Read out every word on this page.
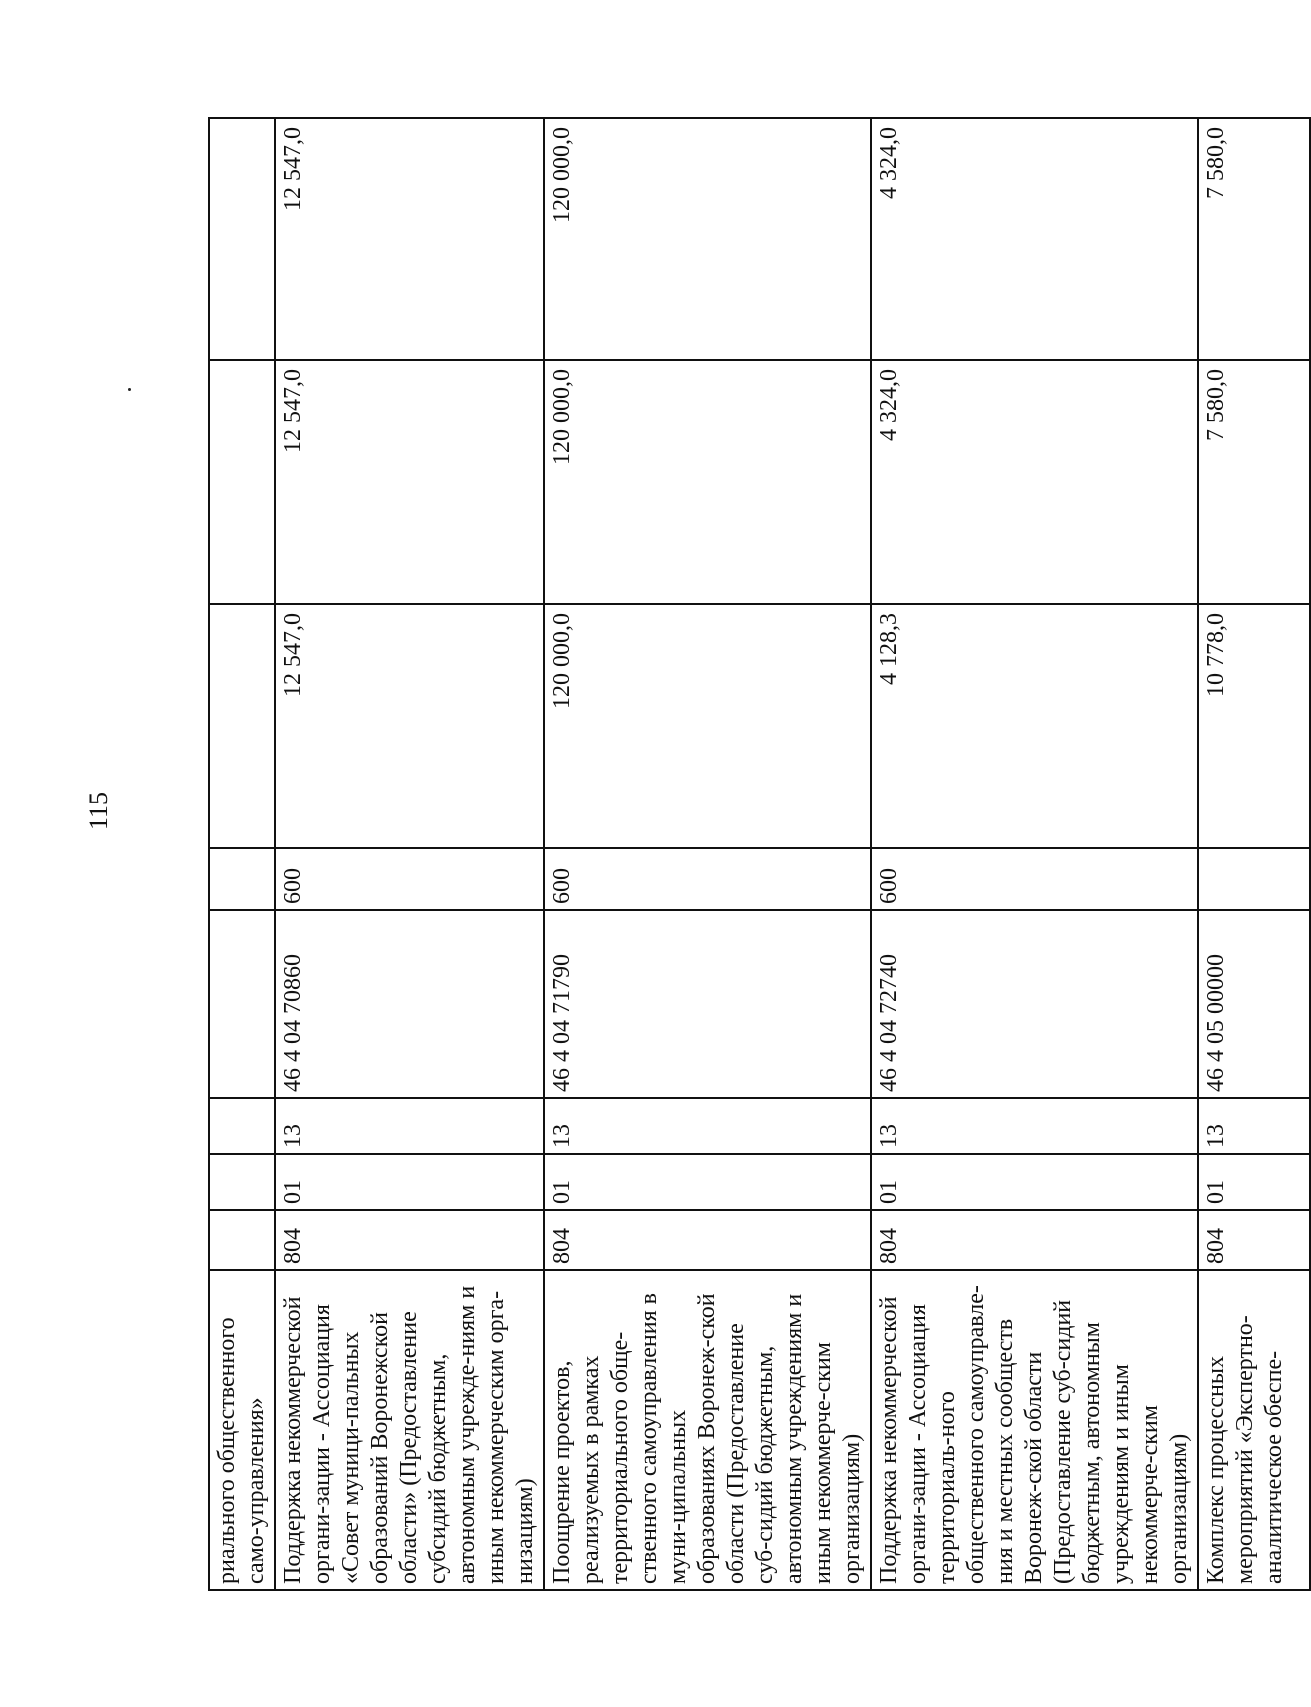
115
риального общественного само-управления»								
Поддержка некоммерческой органи-зации - Ассоциация «Совет муници-пальных образований Воронежской области» (Предоставление субсидий бюджетным, автономным учрежде-ниям и иным некоммерческим орга-низациям)	804	01	13	46 4 04 70860	600	12 547,0	12 547,0	12 547,0
Поощрение проектов, реализуемых в рамках территориального обще-ственного самоуправления в муни-ципальных образованиях Воронеж-ской области (Предоставление суб-сидий бюджетным, автономным учреждениям и иным некоммерче-ским организациям)	804	01	13	46 4 04 71790	600	120 000,0	120 000,0	120 000,0
Поддержка некоммерческой органи-зации - Ассоциация территориаль-ного общественного самоуправле-ния и местных сообществ Воронеж-ской области (Предоставление суб-сидий бюджетным, автономным учреждениям и иным некоммерче-ским организациям)	804	01	13	46 4 04 72740	600	4 128,3	4 324,0	4 324,0
Комплекс процессных мероприятий «Экспертно-аналитическое обеспе-	804	01	13	46 4 05 00000		10 778,0	7 580,0	7 580,0
